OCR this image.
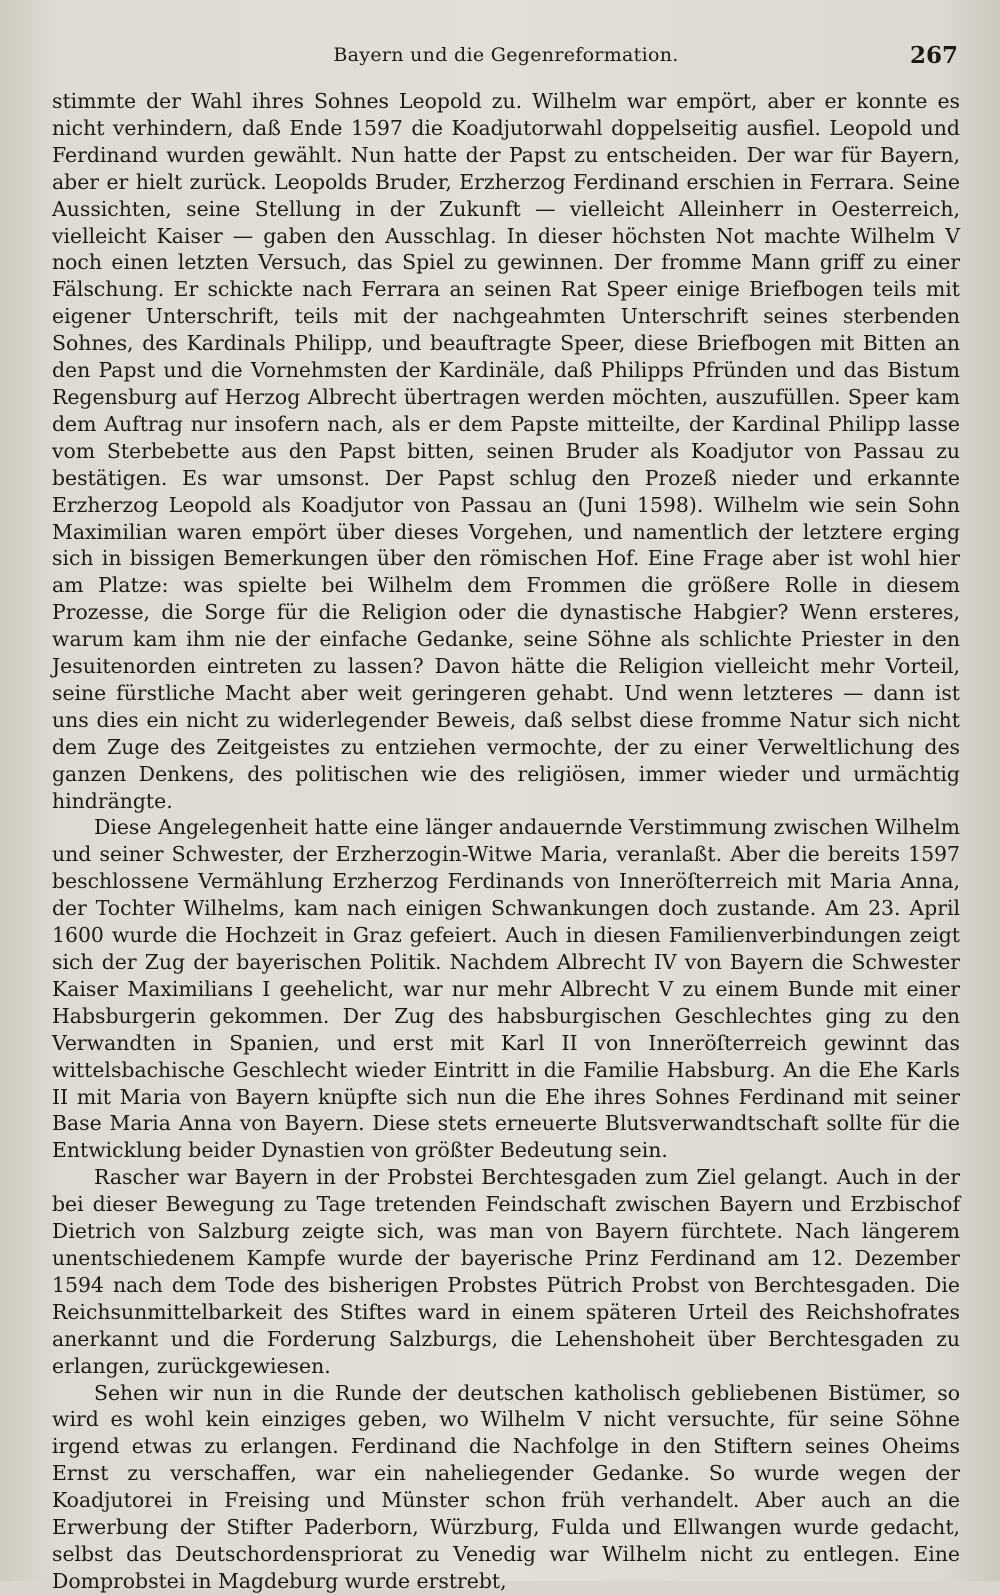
Bayern und die Gegenreformation.	267

stimmte der Wahl ihres Sohnes Leopold zu. Wilhelm war empört, aber er konnte es nicht verhindern, daß Ende 1597 die Koadjutorwahl doppelseitig ausfiel. Leopold und Ferdinand wurden gewählt. Nun hatte der Papst zu entscheiden. Der war für Bayern, aber er hielt zurück. Leopolds Bruder, Erzherzog Ferdinand erschien in Ferrara. Seine Aussichten, seine Stellung in der Zukunft — vielleicht Alleinherr in Oesterreich, vielleicht Kaiser — gaben den Ausschlag. In dieser höchsten Not machte Wilhelm V noch einen letzten Versuch, das Spiel zu gewinnen. Der fromme Mann griff zu einer Fälschung. Er schickte nach Ferrara an seinen Rat Speer einige Briefbogen teils mit eigener Unterschrift, teils mit der nachgeahmten Unterschrift seines sterbenden Sohnes, des Kardinals Philipp, und beauftragte Speer, diese Briefbogen mit Bitten an den Papst und die Vornehmsten der Kardinäle, daß Philipps Pfründen und das Bistum Regensburg auf Herzog Albrecht übertragen werden möchten, auszufüllen. Speer kam dem Auftrag nur insofern nach, als er dem Papste mitteilte, der Kardinal Philipp lasse vom Sterbebette aus den Papst bitten, seinen Bruder als Koadjutor von Passau zu bestätigen. Es war umsonst. Der Papst schlug den Prozeß nieder und erkannte Erzherzog Leopold als Koadjutor von Passau an (Juni 1598). Wilhelm wie sein Sohn Maximilian waren empört über dieses Vorgehen, und namentlich der letztere erging sich in bissigen Bemerkungen über den römischen Hof. Eine Frage aber ist wohl hier am Platze: was spielte bei Wilhelm dem Frommen die größere Rolle in diesem Prozesse, die Sorge für die Religion oder die dynastische Habgier? Wenn ersteres, warum kam ihm nie der einfache Gedanke, seine Söhne als schlichte Priester in den Jesuitenorden eintreten zu lassen? Davon hätte die Religion vielleicht mehr Vorteil, seine fürstliche Macht aber weit geringeren gehabt. Und wenn letzteres — dann ist uns dies ein nicht zu widerlegender Beweis, daß selbst diese fromme Natur sich nicht dem Zuge des Zeitgeistes zu entziehen vermochte, der zu einer Verweltlichung des ganzen Denkens, des politischen wie des religiösen, immer wieder und urmächtig hindrängte.

Diese Angelegenheit hatte eine länger andauernde Verstimmung zwischen Wilhelm und seiner Schwester, der Erzherzogin-Witwe Maria, veranlaßt. Aber die bereits 1597 beschlossene Vermählung Erzherzog Ferdinands von Inneröſterreich mit Maria Anna, der Tochter Wilhelms, kam nach einigen Schwankungen doch zustande. Am 23. April 1600 wurde die Hochzeit in Graz gefeiert. Auch in diesen Familienverbindungen zeigt sich der Zug der bayerischen Politik. Nachdem Albrecht IV von Bayern die Schwester Kaiser Maximilians I geehelicht, war nur mehr Albrecht V zu einem Bunde mit einer Habsburgerin gekommen. Der Zug des habsburgischen Geschlechtes ging zu den Verwandten in Spanien, und erst mit Karl II von Inneröſterreich gewinnt das wittelsbachische Geschlecht wieder Eintritt in die Familie Habsburg. An die Ehe Karls II mit Maria von Bayern knüpfte sich nun die Ehe ihres Sohnes Ferdinand mit seiner Base Maria Anna von Bayern. Diese stets erneuerte Blutsverwandtschaft sollte für die Entwicklung beider Dynastien von größter Bedeutung sein.

Rascher war Bayern in der Probstei Berchtesgaden zum Ziel gelangt. Auch in der bei dieser Bewegung zu Tage tretenden Feindschaft zwischen Bayern und Erzbischof Dietrich von Salzburg zeigte sich, was man von Bayern fürchtete. Nach längerem unentschiedenem Kampfe wurde der bayerische Prinz Ferdinand am 12. Dezember 1594 nach dem Tode des bisherigen Probstes Pütrich Probst von Berchtesgaden. Die Reichsunmittelbarkeit des Stiftes ward in einem späteren Urteil des Reichshofrates anerkannt und die Forderung Salzburgs, die Lehenshoheit über Berchtesgaden zu erlangen, zurückgewiesen.

Sehen wir nun in die Runde der deutschen katholisch gebliebenen Bistümer, so wird es wohl kein einziges geben, wo Wilhelm V nicht versuchte, für seine Söhne irgend etwas zu erlangen. Ferdinand die Nachfolge in den Stiftern seines Oheims Ernst zu verschaffen, war ein naheliegender Gedanke. So wurde wegen der Koadjutorei in Freising und Münster schon früh verhandelt. Aber auch an die Erwerbung der Stifter Paderborn, Würzburg, Fulda und Ellwangen wurde gedacht, selbst das Deutschordenspriorat zu Venedig war Wilhelm nicht zu entlegen. Eine Domprobstei in Magdeburg wurde erstrebt,
